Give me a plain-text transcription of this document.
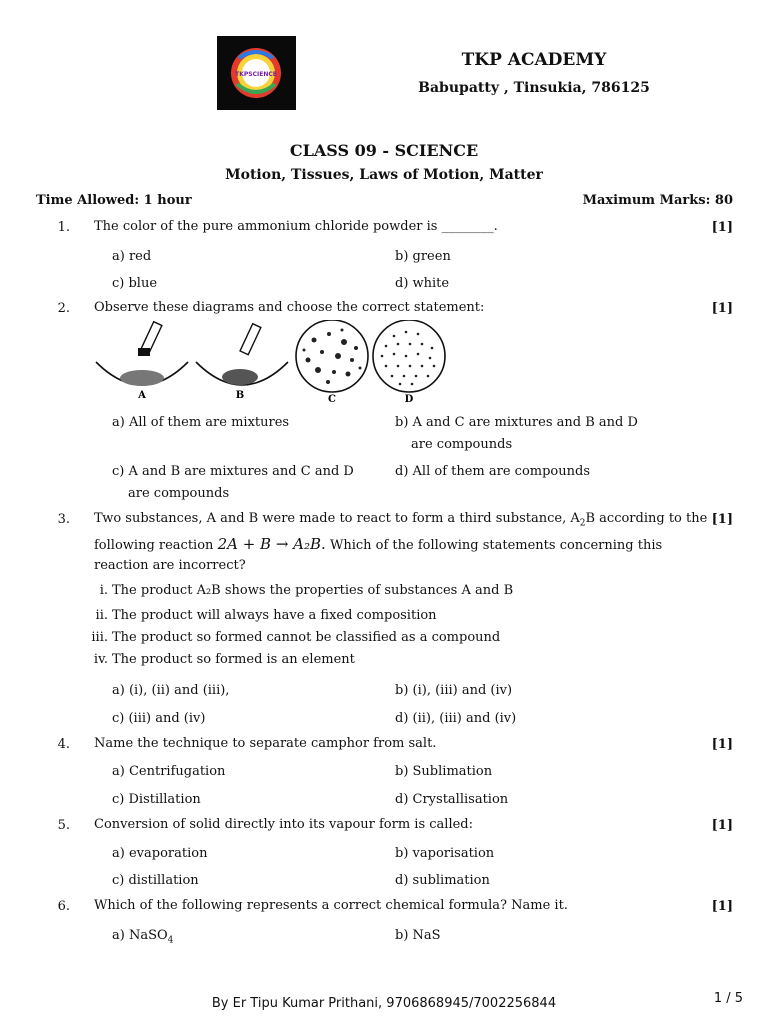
TKPSCIENCE
TKP ACADEMY
Babupatty , Tinsukia, 786125
CLASS 09 - SCIENCE
Motion, Tissues, Laws of Motion, Matter
Time Allowed: 1 hour	Maximum Marks: 80
1. The color of the pure ammonium chloride powder is ________.	[1]
a) red	b) green
c) blue	d) white
2. Observe these diagrams and choose the correct statement:	[1]
A	B	C	D
a) All of them are mixtures	b) A and C are mixtures and B and D
are compounds
c) A and B are mixtures and C and D
are compounds
d) All of them are compounds
3. Two substances, A and B were made to react to form a third substance, $A_2B$ according to the [1]
following reaction 2A + B → A₂B. Which of the following statements concerning this
reaction are incorrect?
i. The product A₂B shows the properties of substances A and B
ii. The product will always have a fixed composition
iii. The product so formed cannot be classified as a compound
iv. The product so formed is an element
a) (i), (ii) and (iii),	b) (i), (iii) and (iv)
c) (iii) and (iv)	d) (ii), (iii) and (iv)
4. Name the technique to separate camphor from salt.	[1]
a) Centrifugation	b) Sublimation
c) Distillation	d) Crystallisation
5. Conversion of solid directly into its vapour form is called:	[1]
a) evaporation	b) vaporisation
c) distillation	d) sublimation
6. Which of the following represents a correct chemical formula? Name it.	[1]
a) NaSO$_4$	b) NaS
By Er Tipu Kumar Prithani, 9706868945/7002256844	1 / 5
